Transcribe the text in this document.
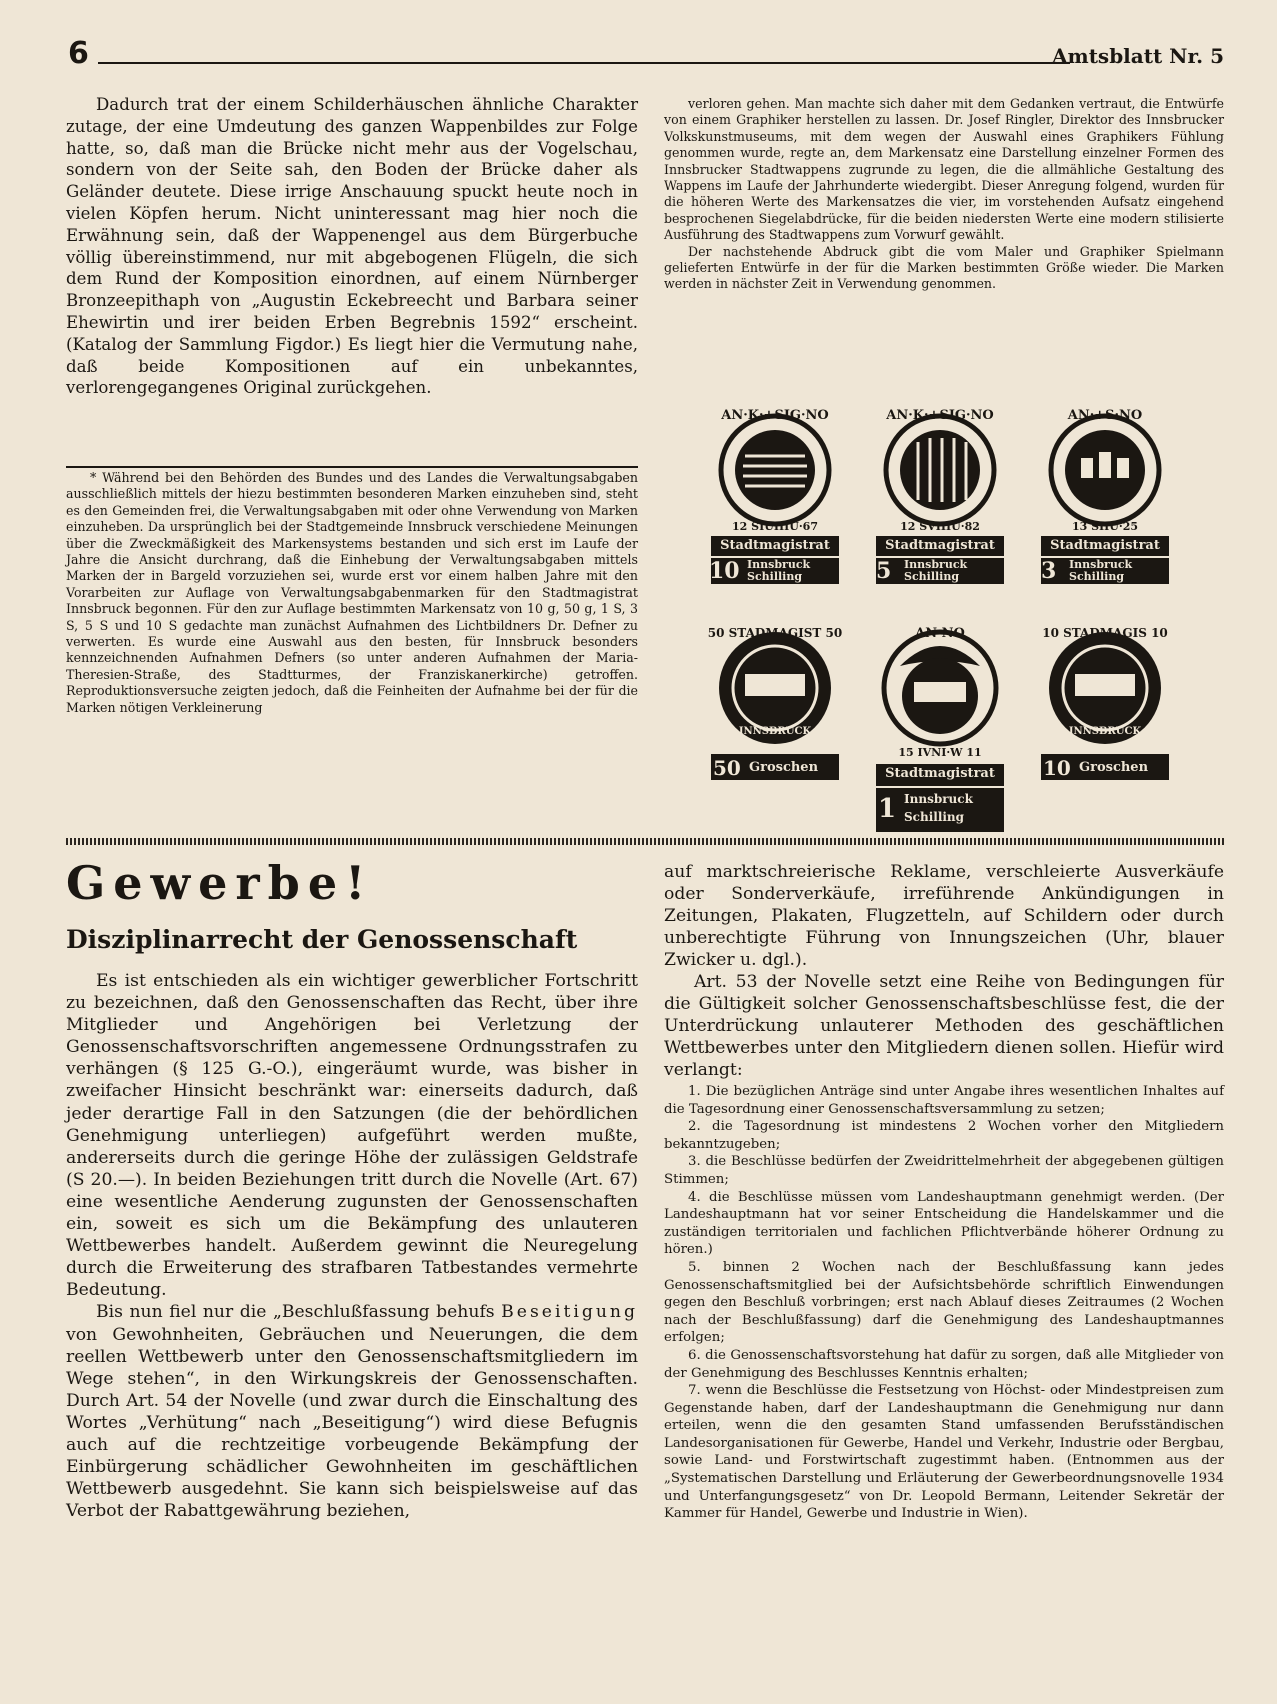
6	Amtsblatt Nr. 5

Dadurch trat der einem Schilderhäuschen ähnliche Charakter zutage, der eine Umdeutung des ganzen Wappenbildes zur Folge hatte, so, daß man die Brücke nicht mehr aus der Vogelschau, sondern von der Seite sah, den Boden der Brücke daher als Geländer deutete. Diese irrige Anschauung spuckt heute noch in vielen Köpfen herum. Nicht uninteressant mag hier noch die Erwähnung sein, daß der Wappenengel aus dem Bürgerbuche völlig übereinstimmend, nur mit abgebogenen Flügeln, die sich dem Rund der Komposition einordnen, auf einem Nürnberger Bronzeepithaph von „Augustin Eckebreecht und Barbara seiner Ehewirtin und irer beiden Erben Begrebnis 1592“ erscheint. (Katalog der Sammlung Figdor.) Es liegt hier die Vermutung nahe, daß beide Kompositionen auf ein unbekanntes, verlorengegangenes Original zurückgehen.

* Während bei den Behörden des Bundes und des Landes die Verwaltungsabgaben ausschließlich mittels der hiezu bestimmten besonderen Marken einzuheben sind, steht es den Gemeinden frei, die Verwaltungsabgaben mit oder ohne Verwendung von Marken einzuheben. Da ursprünglich bei der Stadtgemeinde Innsbruck verschiedene Meinungen über die Zweckmäßigkeit des Markensystems bestanden und sich erst im Laufe der Jahre die Ansicht durchrang, daß die Einhebung der Verwaltungsabgaben mittels Marken der in Bargeld vorzuziehen sei, wurde erst vor einem halben Jahre mit den Vorarbeiten zur Auflage von Verwaltungsabgabenmarken für den Stadtmagistrat Innsbruck begonnen. Für den zur Auflage bestimmten Markensatz von 10 g, 50 g, 1 S, 3 S, 5 S und 10 S gedachte man zunächst Aufnahmen des Lichtbildners Dr. Defner zu verwerten. Es wurde eine Auswahl aus den besten, für Innsbruck besonders kennzeichnenden Aufnahmen Defners (so unter anderen Aufnahmen der Maria-Theresien-Straße, des Stadtturmes, der Franziskanerkirche) getroffen. Reproduktionsversuche zeigten jedoch, daß die Feinheiten der Aufnahme bei der für die Marken nötigen Verkleinerung

verloren gehen. Man machte sich daher mit dem Gedanken vertraut, die Entwürfe von einem Graphiker herstellen zu lassen. Dr. Josef Ringler, Direktor des Innsbrucker Volkskunstmuseums, mit dem wegen der Auswahl eines Graphikers Fühlung genommen wurde, regte an, dem Markensatz eine Darstellung einzelner Formen des Innsbrucker Stadtwappens zugrunde zu legen, die die allmähliche Gestaltung des Wappens im Laufe der Jahrhunderte wiedergibt. Dieser Anregung folgend, wurden für die höheren Werte des Markensatzes die vier, im vorstehenden Aufsatz eingehend besprochenen Siegelabdrücke, für die beiden niedersten Werte eine modern stilisierte Ausführung des Stadtwappens zum Vorwurf gewählt.

Der nachstehende Abdruck gibt die vom Maler und Graphiker Spielmann gelieferten Entwürfe in der für die Marken bestimmten Größe wieder. Die Marken werden in nächster Zeit in Verwendung genommen.

AN·K·+SIG·NO
12 SIUIIIU·67
Stadtmagistrat
10 Innsbruck
Schilling
AN·K·+SIG·NO
12 SVIIIU·82
Stadtmagistrat
5 Innsbruck
Schilling
AN·+S·NO
13 SIIU·25
Stadtmagistrat
3 Innsbruck
Schilling
50 STADMAGIST 50
INNSBRUCK
50 Groschen
AN NO
15 IVNI·W 11
Stadtmagistrat
1 Innsbruck
Schilling
10 STADMAGIS 10
INNSBRUCK
10 Groschen
Gewerbe!
Disziplinarrecht der Genossenschaft

Es ist entschieden als ein wichtiger gewerblicher Fortschritt zu bezeichnen, daß den Genossenschaften das Recht, über ihre Mitglieder und Angehörigen bei Verletzung der Genossenschaftsvorschriften angemessene Ordnungsstrafen zu verhängen (§ 125 G.-O.), eingeräumt wurde, was bisher in zweifacher Hinsicht beschränkt war: einerseits dadurch, daß jeder derartige Fall in den Satzungen (die der behördlichen Genehmigung unterliegen) aufgeführt werden mußte, andererseits durch die geringe Höhe der zulässigen Geldstrafe (S 20.—). In beiden Beziehungen tritt durch die Novelle (Art. 67) eine wesentliche Aenderung zugunsten der Genossenschaften ein, soweit es sich um die Bekämpfung des unlauteren Wettbewerbes handelt. Außerdem gewinnt die Neuregelung durch die Erweiterung des strafbaren Tatbestandes vermehrte Bedeutung.

Bis nun fiel nur die „Beschlußfassung behufs Beseitigung von Gewohnheiten, Gebräuchen und Neuerungen, die dem reellen Wettbewerb unter den Genossenschaftsmitgliedern im Wege stehen“, in den Wirkungskreis der Genossenschaften. Durch Art. 54 der Novelle (und zwar durch die Einschaltung des Wortes „Verhütung“ nach „Beseitigung“) wird diese Befugnis auch auf die rechtzeitige vorbeugende Bekämpfung der Einbürgerung schädlicher Gewohnheiten im geschäftlichen Wettbewerb ausgedehnt. Sie kann sich beispielsweise auf das Verbot der Rabattgewährung beziehen,

auf marktschreierische Reklame, verschleierte Ausverkäufe oder Sonderverkäufe, irreführende Ankündigungen in Zeitungen, Plakaten, Flugzetteln, auf Schildern oder durch unberechtigte Führung von Innungszeichen (Uhr, blauer Zwicker u. dgl.).

Art. 53 der Novelle setzt eine Reihe von Bedingungen für die Gültigkeit solcher Genossenschaftsbeschlüsse fest, die der Unterdrückung unlauterer Methoden des geschäftlichen Wettbewerbes unter den Mitgliedern dienen sollen. Hiefür wird verlangt:

1. Die bezüglichen Anträge sind unter Angabe ihres wesentlichen Inhaltes auf die Tagesordnung einer Genossenschaftsversammlung zu setzen;

2. die Tagesordnung ist mindestens 2 Wochen vorher den Mitgliedern bekanntzugeben;

3. die Beschlüsse bedürfen der Zweidrittelmehrheit der abgegebenen gültigen Stimmen;

4. die Beschlüsse müssen vom Landeshauptmann genehmigt werden. (Der Landeshauptmann hat vor seiner Entscheidung die Handelskammer und die zuständigen territorialen und fachlichen Pflichtverbände höherer Ordnung zu hören.)

5. binnen 2 Wochen nach der Beschlußfassung kann jedes Genossenschaftsmitglied bei der Aufsichtsbehörde schriftlich Einwendungen gegen den Beschluß vorbringen; erst nach Ablauf dieses Zeitraumes (2 Wochen nach der Beschlußfassung) darf die Genehmigung des Landeshauptmannes erfolgen;

6. die Genossenschaftsvorstehung hat dafür zu sorgen, daß alle Mitglieder von der Genehmigung des Beschlusses Kenntnis erhalten;

7. wenn die Beschlüsse die Festsetzung von Höchst- oder Mindestpreisen zum Gegenstande haben, darf der Landeshauptmann die Genehmigung nur dann erteilen, wenn die den gesamten Stand umfassenden Berufsständischen Landesorganisationen für Gewerbe, Handel und Verkehr, Industrie oder Bergbau, sowie Land- und Forstwirtschaft zugestimmt haben. (Entnommen aus der „Systematischen Darstellung und Erläuterung der Gewerbeordnungsnovelle 1934 und Unterfangungsgesetz“ von Dr. Leopold Bermann, Leitender Sekretär der Kammer für Handel, Gewerbe und Industrie in Wien).
